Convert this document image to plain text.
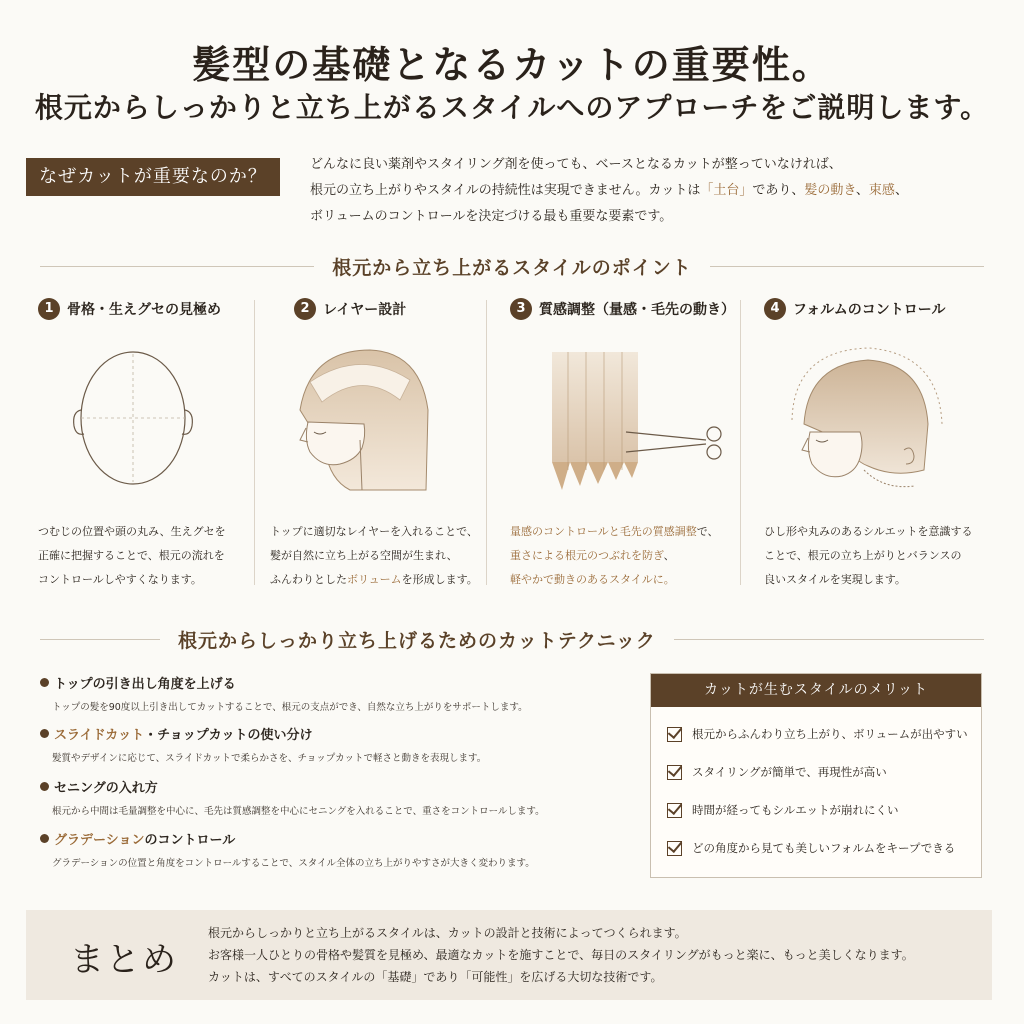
髪型の基礎となるカットの重要性。
根元からしっかりと立ち上がるスタイルへのアプローチをご説明します。
なぜカットが重要なのか？
どんなに良い薬剤やスタイリング剤を使っても、ベースとなるカットが整っていなければ、
根元の立ち上がりやスタイルの持続性は実現できません。カットは「土台」であり、髪の動き、束感、
ボリュームのコントロールを決定づける最も重要な要素です。
根元から立ち上がるスタイルのポイント
1 骨格・生えグセの見極め
つむじの位置や頭の丸み、生えグセを
正確に把握することで、根元の流れを
コントロールしやすくなります。
2 レイヤー設計
トップに適切なレイヤーを入れることで、
髪が自然に立ち上がる空間が生まれ、
ふんわりとしたボリュームを形成します。
3 質感調整（量感・毛先の動き）
量感のコントロールと毛先の質感調整で、
重さによる根元のつぶれを防ぎ、
軽やかで動きのあるスタイルに。
4 フォルムのコントロール
ひし形や丸みのあるシルエットを意識する
ことで、根元の立ち上がりとバランスの
良いスタイルを実現します。
根元からしっかり立ち上げるためのカットテクニック
トップの引き出し角度を上げる
トップの髪を90度以上引き出してカットすることで、根元の支点ができ、自然な立ち上がりをサポートします。
スライドカット ・チョップカットの使い分け
髪質やデザインに応じて、スライドカットで柔らかさを、チョップカットで軽さと動きを表現します。
セニングの入れ方
根元から中間は毛量調整を中心に、毛先は質感調整を中心にセニングを入れることで、重さをコントロールします。
グラデーション のコントロール
グラデーションの位置と角度をコントロールすることで、スタイル全体の立ち上がりやすさが大きく変わります。
カットが生むスタイルのメリット
根元からふんわり立ち上がり、ボリュームが出やすい
スタイリングが簡単で、再現性が高い
時間が経ってもシルエットが崩れにくい
どの角度から見ても美しいフォルムをキープできる
まとめ
根元からしっかりと立ち上がるスタイルは、カットの設計と技術によってつくられます。
お客様一人ひとりの骨格や髪質を見極め、最適なカットを施すことで、毎日のスタイリングがもっと楽に、もっと美しくなります。
カットは、すべてのスタイルの「基礎」であり「可能性」を広げる大切な技術です。
